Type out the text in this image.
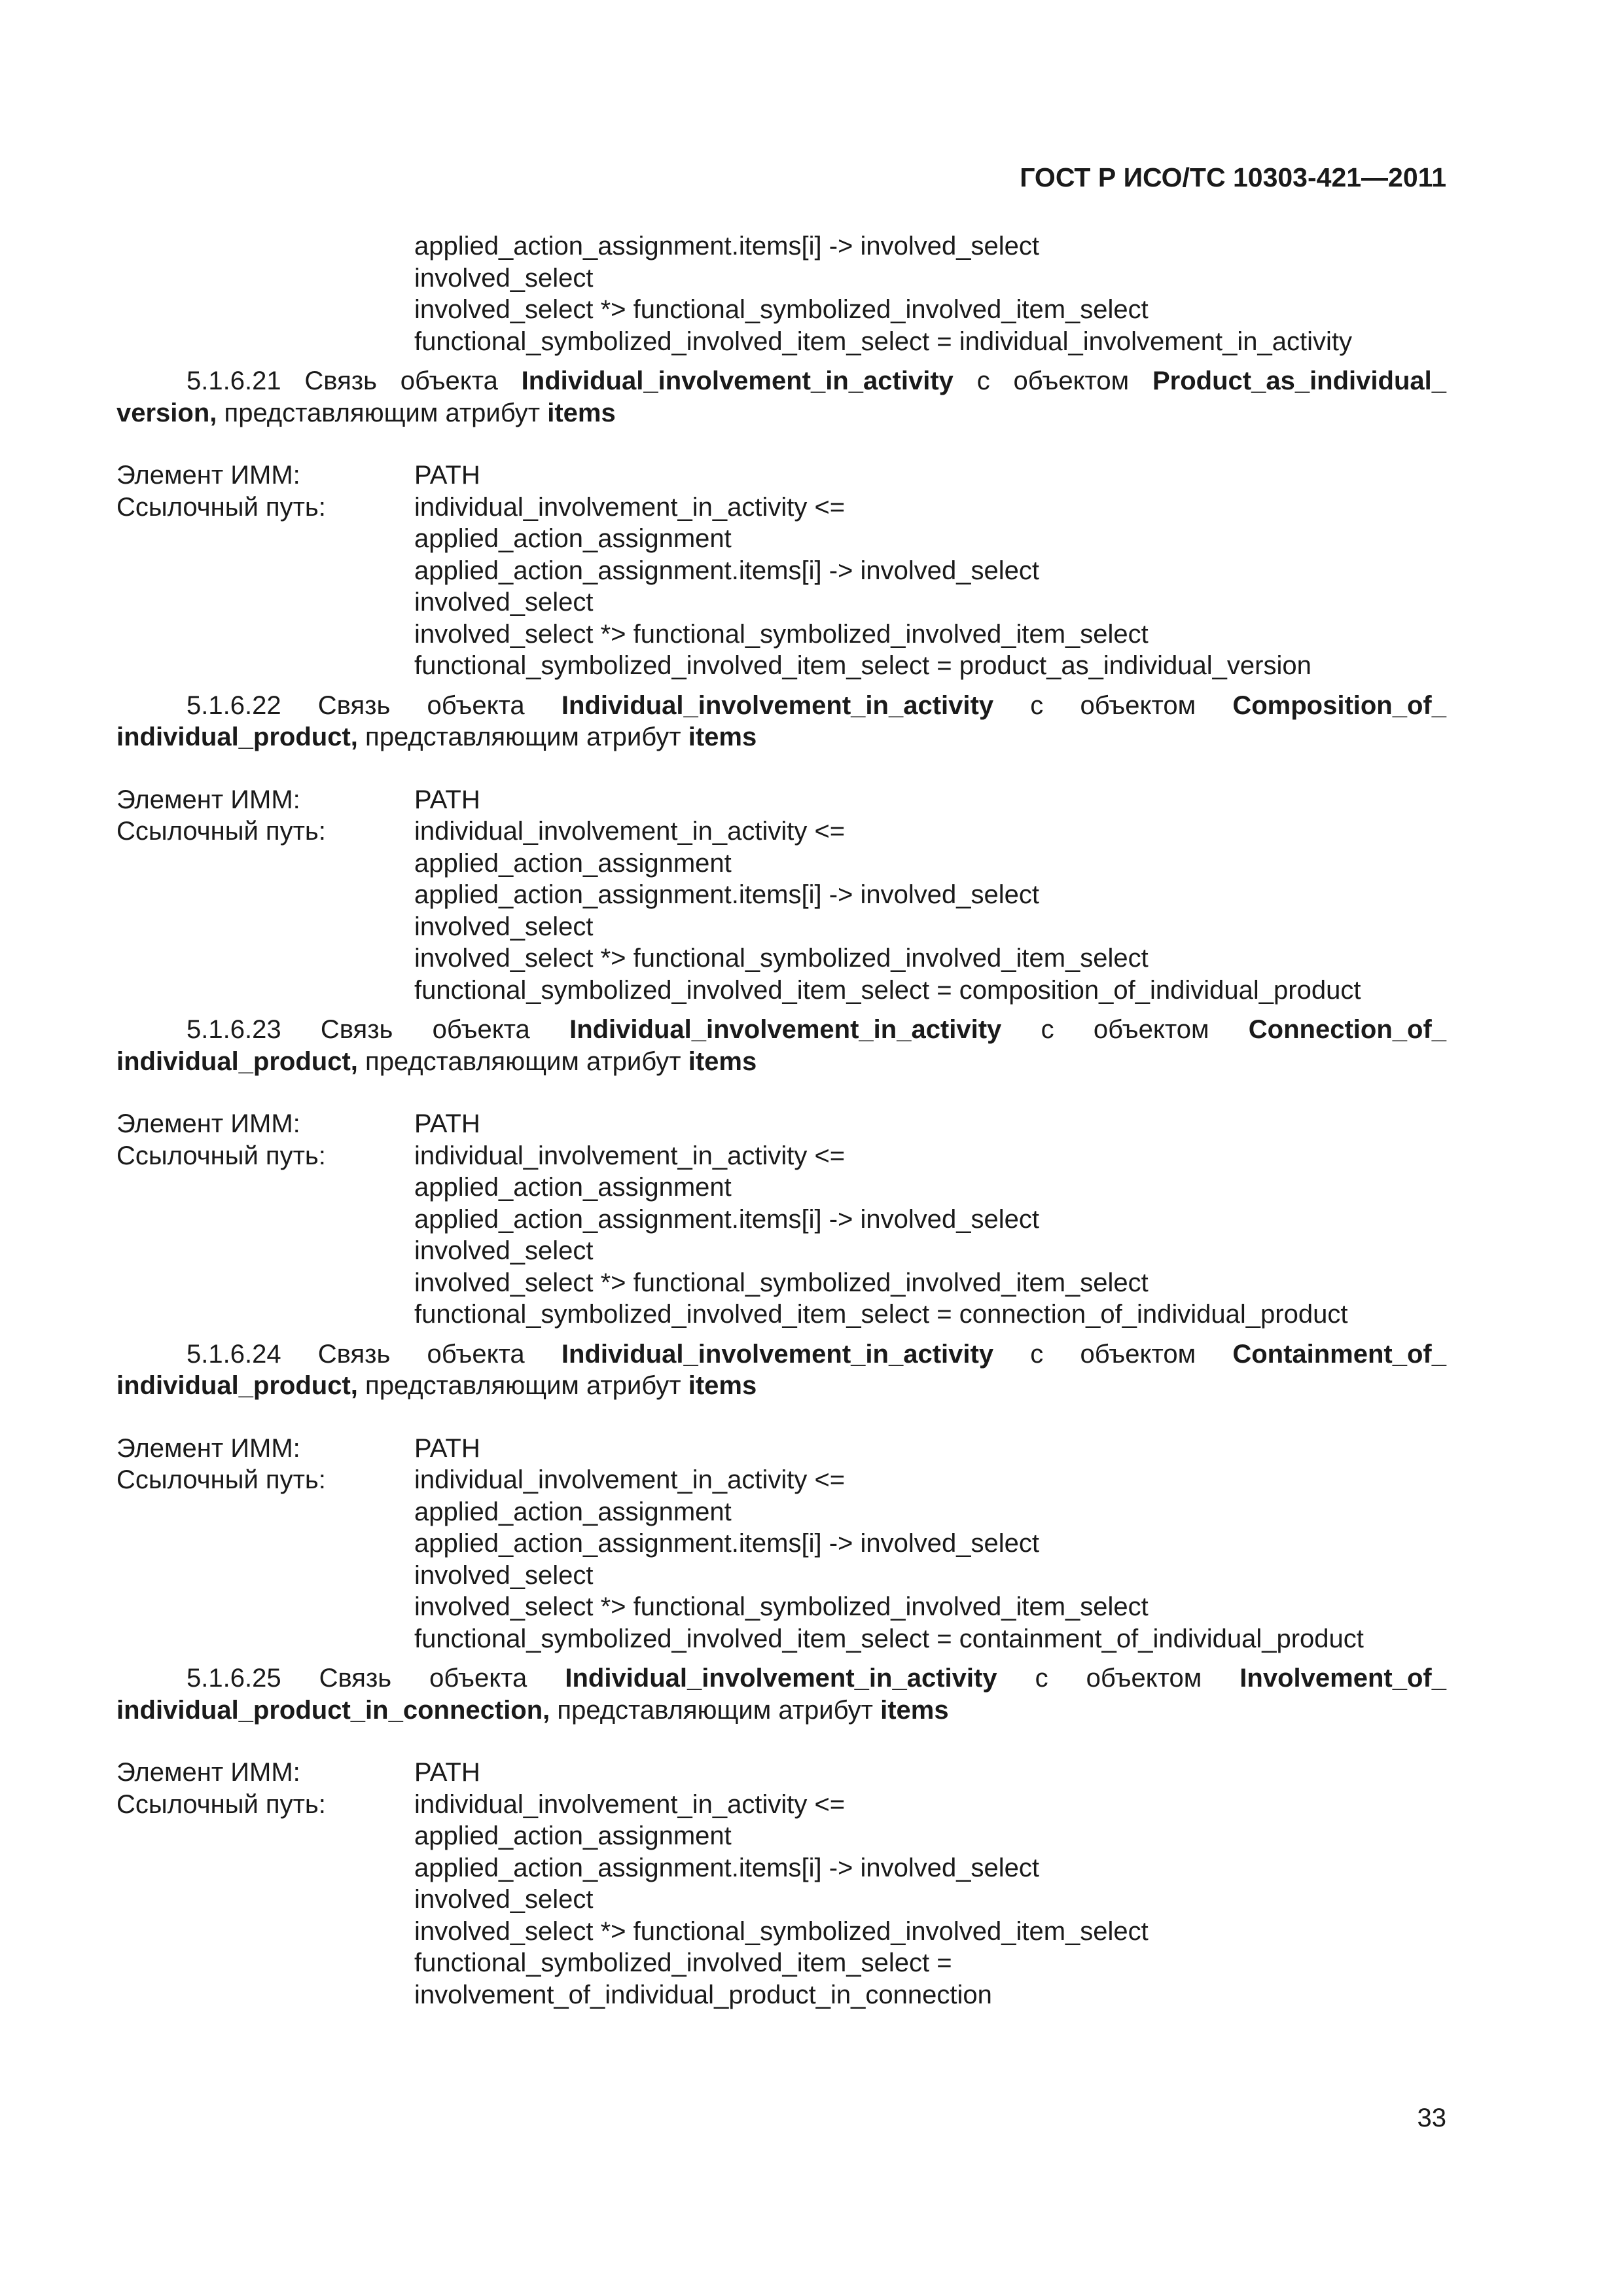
ГОСТ Р ИСО/ТС 10303-421—2011
applied_action_assignment.items[i] -> involved_select
involved_select
involved_select *> functional_symbolized_involved_item_select
functional_symbolized_involved_item_select = individual_involvement_in_activity
5.1.6.21 Связь объекта Individual_involvement_in_activity с объектом Product_as_individual_ version, представляющим атрибут items
Элемент ИММ:	PATH
Ссылочный путь:	individual_involvement_in_activity <=
applied_action_assignment
applied_action_assignment.items[i] -> involved_select
involved_select
involved_select *> functional_symbolized_involved_item_select
functional_symbolized_involved_item_select = product_as_individual_version
5.1.6.22 Связь объекта Individual_involvement_in_activity с объектом Composition_of_ individual_product, представляющим атрибут items
Элемент ИММ:	PATH
Ссылочный путь:	individual_involvement_in_activity <=
applied_action_assignment
applied_action_assignment.items[i] -> involved_select
involved_select
involved_select *> functional_symbolized_involved_item_select
functional_symbolized_involved_item_select = composition_of_individual_product
5.1.6.23 Связь объекта Individual_involvement_in_activity с объектом Connection_of_ individual_product, представляющим атрибут items
Элемент ИММ:	PATH
Ссылочный путь:	individual_involvement_in_activity <=
applied_action_assignment
applied_action_assignment.items[i] -> involved_select
involved_select
involved_select *> functional_symbolized_involved_item_select
functional_symbolized_involved_item_select = connection_of_individual_product
5.1.6.24 Связь объекта Individual_involvement_in_activity с объектом Containment_of_ individual_product, представляющим атрибут items
Элемент ИММ:	PATH
Ссылочный путь:	individual_involvement_in_activity <=
applied_action_assignment
applied_action_assignment.items[i] -> involved_select
involved_select
involved_select *> functional_symbolized_involved_item_select
functional_symbolized_involved_item_select = containment_of_individual_product
5.1.6.25 Связь объекта Individual_involvement_in_activity с объектом Involvement_of_ individual_product_in_connection, представляющим атрибут items
Элемент ИММ:	PATH
Ссылочный путь:	individual_involvement_in_activity <=
applied_action_assignment
applied_action_assignment.items[i] -> involved_select
involved_select
involved_select *> functional_symbolized_involved_item_select
functional_symbolized_involved_item_select =
involvement_of_individual_product_in_connection
33
